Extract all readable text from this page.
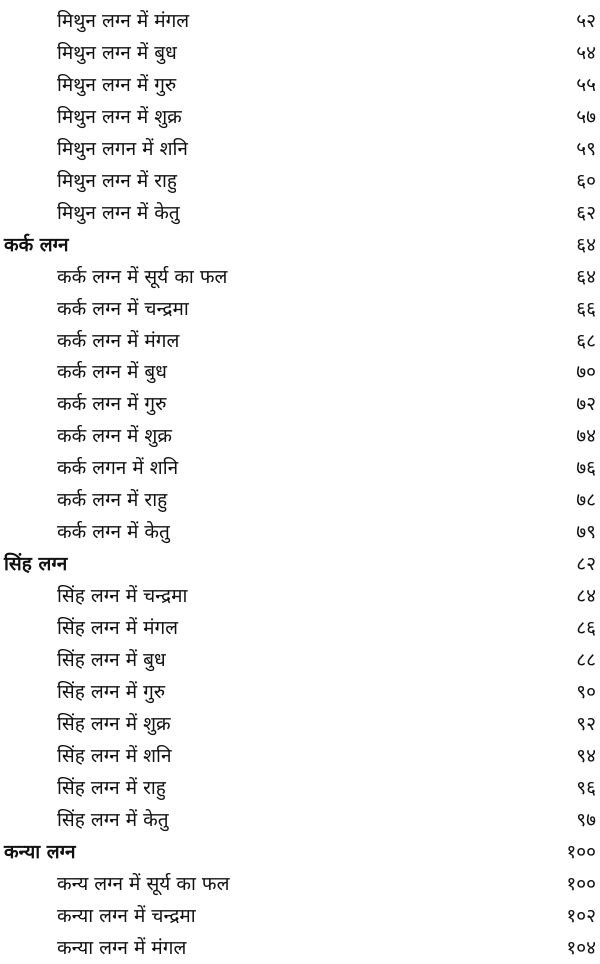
मिथुन लग्न में मंगल	५२
मिथुन लग्न में बुध	५४
मिथुन लग्न में गुरु	५५
मिथुन लग्न में शुक्र	५७
मिथुन लगन में शनि	५९
मिथुन लग्न में राहु	६०
मिथुन लग्न में केतु	६२
कर्क लग्न	६४
कर्क लग्न में सूर्य का फल	६४
कर्क लग्न में चन्द्रमा	६६
कर्क लग्न में मंगल	६८
कर्क लग्न में बुध	७०
कर्क लग्न में गुरु	७२
कर्क लग्न में शुक्र	७४
कर्क लगन में शनि	७६
कर्क लग्न में राहु	७८
कर्क लग्न में केतु	७९
सिंह लग्न	८२
सिंह लग्न में चन्द्रमा	८४
सिंह लग्न में मंगल	८६
सिंह लग्न में बुध	८८
सिंह लग्न में गुरु	९०
सिंह लग्न में शुक्र	९२
सिंह लग्न में शनि	९४
सिंह लग्न में राहु	९६
सिंह लग्न में केतु	९७
कन्या लग्न	१००
कन्य लग्न में सूर्य का फल	१००
कन्या लग्न में चन्द्रमा	१०२
कन्या लग्न में मंगल	१०४
